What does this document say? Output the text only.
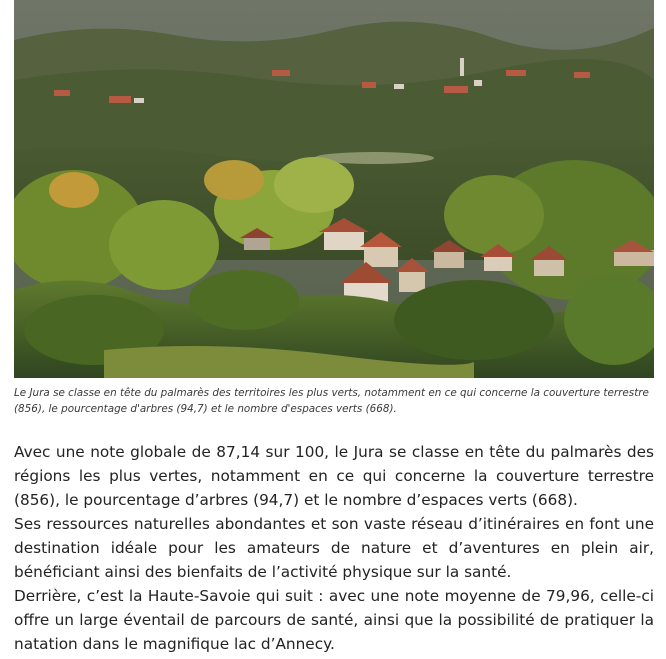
Le Jura se classe en tête du palmarès des territoires les plus verts, notamment en ce qui concerne la couverture terrestre (856), le pourcentage d'arbres (94,7) et le nombre d'espaces verts (668).

Avec une note globale de 87,14 sur 100, le Jura se classe en tête du palmarès des régions les plus vertes, notamment en ce qui concerne la couverture terrestre (856), le pourcentage d’arbres (94,7) et le nombre d’espaces verts (668).

Ses ressources naturelles abondantes et son vaste réseau d’itinéraires en font une destination idéale pour les amateurs de nature et d’aventures en plein air, bénéficiant ainsi des bienfaits de l’activité physique sur la santé.

Derrière, c’est la Haute-Savoie qui suit : avec une note moyenne de 79,96, celle-ci offre un large éventail de parcours de santé, ainsi que la possibilité de pratiquer la natation dans le magnifique lac d’Annecy.
